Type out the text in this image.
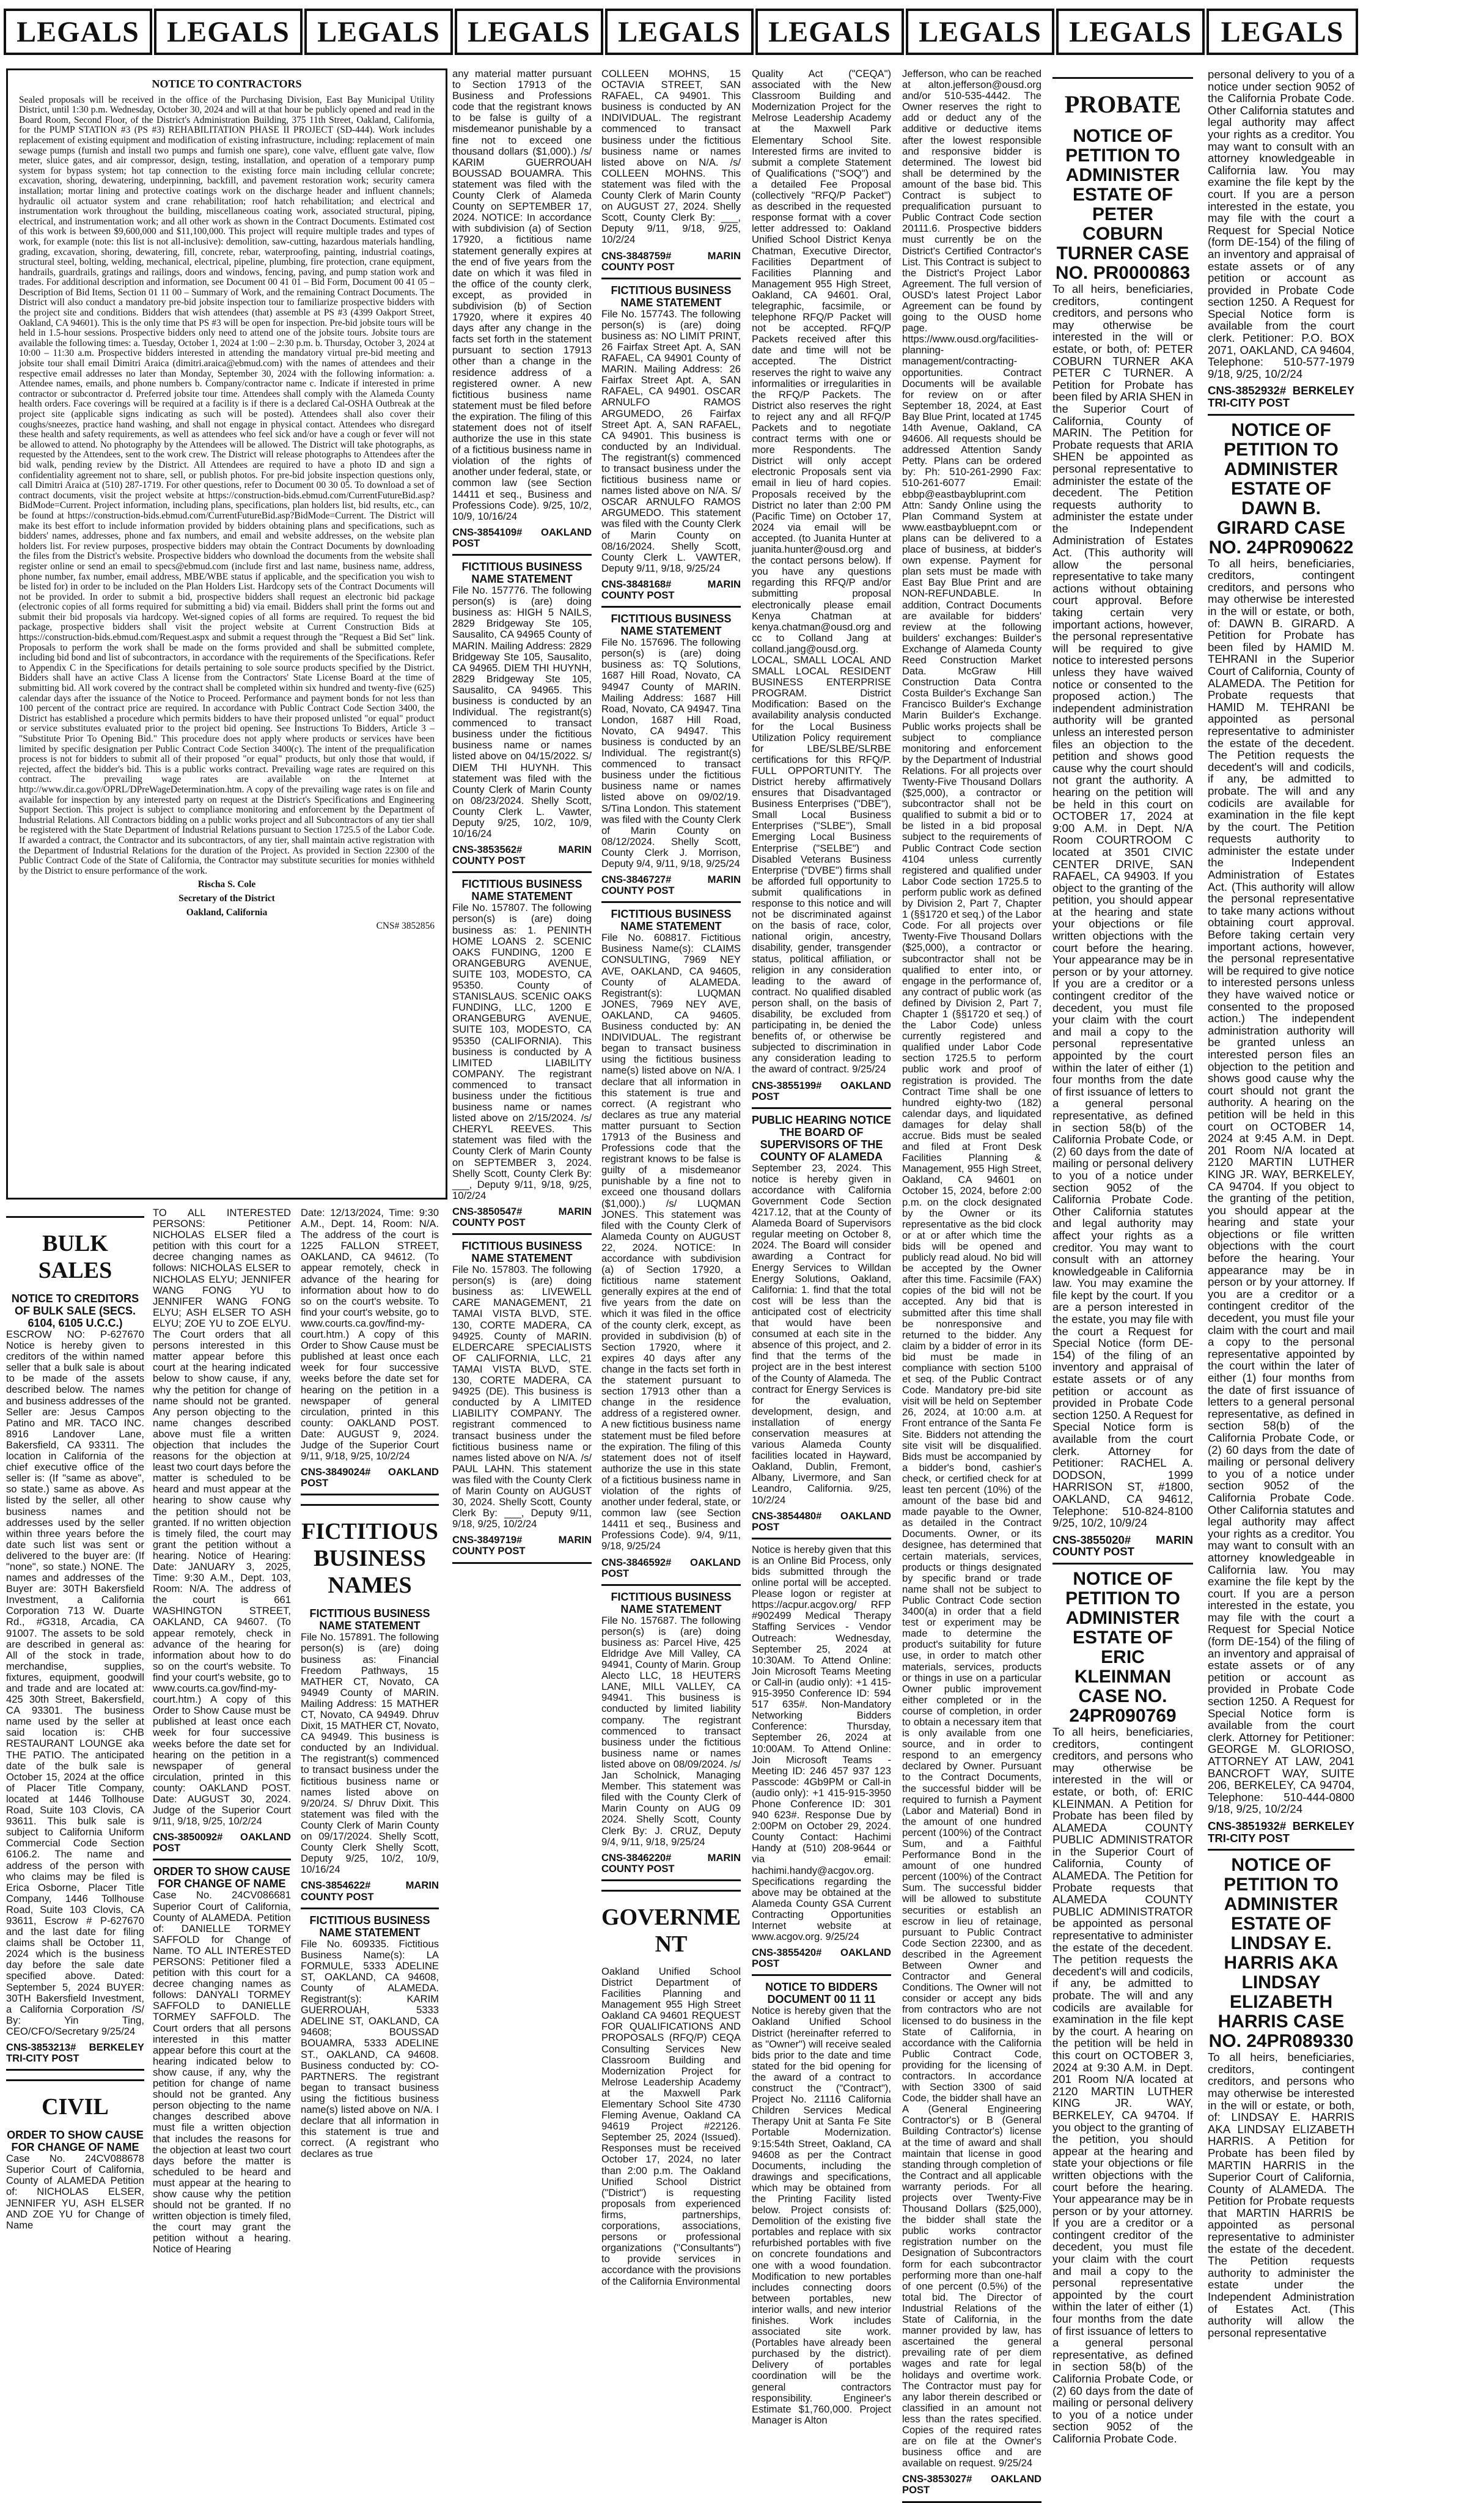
LEGALS LEGALS LEGALS LEGALS LEGALS LEGALS LEGALS LEGALS LEGALS
NOTICE TO CONTRACTORS
Sealed proposals will be received in the office of the Purchasing Division, East Bay Municipal Utility District, until 1:30 p.m. Wednesday, October 30, 2024 and will at that hour be publicly opened and read in the Board Room, Second Floor, of the District's Administration Building, 375 11th Street, Oakland, California, for the PUMP STATION #3 (PS #3) REHABILITATION PHASE II PROJECT (SD-444). Work includes replacement of existing equipment and modification of existing infrastructure, including: replacement of main sewage pumps (furnish and install two pumps and furnish one spare), cone valve, effluent gate valve, flow meter, sluice gates, and air compressor, design, testing, installation, and operation of a temporary pump system for bypass system; hot tap connection to the existing force main including cellular concrete; excavation, shoring, dewatering, underpinning, backfill, and pavement restoration work; security camera installation; mortar lining and protective coatings work on the discharge header and influent channels; hydraulic oil actuator system and crane rehabilitation; roof hatch rehabilitation; and electrical and instrumentation work throughout the building, miscellaneous coating work, associated structural, piping, electrical, and instrumentation work; and all other work as shown in the Contract Documents. Estimated cost of this work is between $9,600,000 and $11,100,000. This project will require multiple trades and types of work, for example (note: this list is not all-inclusive): demolition, saw-cutting, hazardous materials handling, grading, excavation, shoring, dewatering, fill, concrete, rebar, waterproofing, painting, industrial coatings, structural steel, bolting, welding, mechanical, electrical, pipeline, plumbing, fire protection, crane equipment, handrails, guardrails, gratings and railings, doors and windows, fencing, paving, and pump station work and trades. For additional description and information, see Document 00 41 01 – Bid Form, Document 00 41 05 – Description of Bid Items, Section 01 11 00 – Summary of Work, and the remaining Contract Documents. The District will also conduct a mandatory pre-bid jobsite inspection tour to familiarize prospective bidders with the project site and conditions. Bidders that wish attendees (that) assemble at PS #3 (4399 Oakport Street, Oakland, CA 94601). This is the only time that PS #3 will be open for inspection. Pre-bid jobsite tours will be held in 1.5-hour sessions. Prospective bidders only need to attend one of the jobsite tours. Jobsite tours are available the following times: a. Tuesday, October 1, 2024 at 1:00 – 2:30 p.m. b. Thursday, October 3, 2024 at 10:00 – 11:30 a.m. Prospective bidders interested in attending the mandatory virtual pre-bid meeting and jobsite tour shall email Dimitri Araica (dimitri.araica@ebmud.com) with the names of attendees and their respective email addresses no later than Monday, September 30, 2024 with the following information: a. Attendee names, emails, and phone numbers b. Company/contractor name c. Indicate if interested in prime contractor or subcontractor d. Preferred jobsite tour time. Attendees shall comply with the Alameda County health orders. Face coverings will be required at a facility is if there is a declared Cal-OSHA Outbreak at the project site (applicable signs indicating as such will be posted). Attendees shall also cover their coughs/sneezes, practice hand washing, and shall not engage in physical contact. Attendees who disregard these health and safety requirements, as well as attendees who feel sick and/or have a cough or fever will not be allowed to attend. No photography by the Attendees will be allowed. The District will take photographs, as requested by the Attendees, sent to the work crew. The District will release photographs to Attendees after the bid walk, pending review by the District. All Attendees are required to have a photo ID and sign a confidentiality agreement not to share, sell, or publish photos. For pre-bid jobsite inspection questions only, call Dimitri Araica at (510) 287-1719. For other questions, refer to Document 00 30 05. To download a set of contract documents, visit the project website at https://construction-bids.ebmud.com/CurrentFutureBid.asp?BidMode=Current. Project information, including plans, specifications, plan holders list, bid results, etc., can be found at https://construction-bids.ebmud.com/CurrentFutureBid.asp?BidMode=Current. The District will make its best effort to include information provided by bidders obtaining plans and specifications, such as bidders' names, addresses, phone and fax numbers, and email and website addresses, on the website plan holders list. For review purposes, prospective bidders may obtain the Contract Documents by downloading the files from the District's website. Prospective bidders who download the documents from the website shall register online or send an email to specs@ebmud.com (include first and last name, business name, address, phone number, fax number, email address, MBE/WBE status if applicable, and the specification you wish to be listed for) in order to be included on the Plan Holders List. Hardcopy sets of the Contract Documents will not be provided. In order to submit a bid, prospective bidders shall request an electronic bid package (electronic copies of all forms required for submitting a bid) via email. Bidders shall print the forms out and submit their bid proposals via hardcopy. Wet-signed copies of all forms are required. To request the bid package, prospective bidders shall visit the project website at Current Construction Bids at https://construction-bids.ebmud.com/Request.aspx and submit a request through the "Request a Bid Set" link. Proposals to perform the work shall be made on the forms provided and shall be submitted complete, including bid bond and list of subcontractors, in accordance with the requirements of the Specifications. Refer to Appendix C in the Specifications for details pertaining to sole source products specified by the District. Bidders shall have an active Class A license from the Contractors' State License Board at the time of submitting bid. All work covered by the contract shall be completed within six hundred and twenty-five (625) calendar days after the issuance of the Notice to Proceed. Performance and payment bonds for not less than 100 percent of the contract price are required. In accordance with Public Contract Code Section 3400, the District has established a procedure which permits bidders to have their proposed unlisted "or equal" product or service substitutes evaluated prior to the project bid opening. See Instructions To Bidders, Article 3 – "Substitute Prior To Opening Bid." This procedure does not apply where products or services have been limited by specific designation per Public Contract Code Section 3400(c). The intent of the prequalification process is not for bidders to submit all of their proposed "or equal" products, but only those that would, if rejected, affect the bidder's bid. This is a public works contract. Prevailing wage rates are required on this contract. The prevailing wage rates are available on the Internet at http://www.dir.ca.gov/OPRL/DPreWageDetermination.htm. A copy of the prevailing wage rates is on file and available for inspection by any interested party on request at the District's Specifications and Engineering Support Section. This project is subject to compliance monitoring and enforcement by the Department of Industrial Relations. All Contractors bidding on a public works project and all Subcontractors of any tier shall be registered with the State Department of Industrial Relations pursuant to Section 1725.5 of the Labor Code. If awarded a contract, the Contractor and its subcontractors, of any tier, shall maintain active registration with the Department of Industrial Relations for the duration of the Project. As provided in Section 22300 of the Public Contract Code of the State of California, the Contractor may substitute securities for monies withheld by the District to ensure performance of the work.
Rischa S. Cole
Secretary of the District
Oakland, California
CNS# 3852856

BULK SALES

NOTICE TO CREDITORS OF BULK SALE (SECS. 6104, 6105 U.C.C.)

ESCROW NO: P-627670 Notice is hereby given to creditors of the within named seller that a bulk sale is about to be made of the assets described below. The names and business addresses of the Seller are: Jesus Campos Patino and MR. TACO INC. 8916 Landover Lane, Bakersfield, CA 93311. The location in California of the chief executive office of the seller is: (If "same as above", so state.) same as above. As listed by the seller, all other business names and addresses used by the seller within three years before the date such list was sent or delivered to the buyer are: (If "none", so state.) NONE. The names and addresses of the Buyer are: 30TH Bakersfield Investment, a California Corporation 713 W. Duarte Rd., #G318, Arcadia, CA 91007. The assets to be sold are described in general as: All of the stock in trade, merchandise, supplies, fixtures, equipment, goodwill and trade and are located at: 425 30th Street, Bakersfield, CA 93301. The business name used by the seller at said location is: CHB RESTAURANT LOUNGE aka THE PATIO. The anticipated date of the bulk sale is October 15, 2024 at the office of Placer Title Company, located at 1446 Tollhouse Road, Suite 103 Clovis, CA 93611. This bulk sale is subject to California Uniform Commercial Code Section 6106.2. The name and address of the person with who claims may be filed is Erica Osborne, Placer Title Company, 1446 Tollhouse Road, Suite 103 Clovis, CA 93611, Escrow # P-627670 and the last date for filing claims shall be October 11, 2024 which is the business day before the sale date specified above. Dated: September 5, 2024 BUYER: 30TH Bakersfield Investment, a California Corporation /S/ By: Yin Ting, CEO/CFO/Secretary 9/25/24

CNS-3853213# BERKELEY TRI-CITY POST

CIVIL

ORDER TO SHOW CAUSE FOR CHANGE OF NAME

Case No. 24CV088678 Superior Court of California, County of ALAMEDA Petition of: NICHOLAS ELSER, JENNIFER YU, ASH ELSER AND ZOE YU for Change of Name

TO ALL INTERESTED PERSONS: Petitioner NICHOLAS ELSER filed a petition with this court for a decree changing names as follows: NICHOLAS ELSER to NICHOLAS ELYU; JENNIFER WANG FONG YU to JENNIFER WANG FONG ELYU; ASH ELSER TO ASH ELYU; ZOE YU to ZOE ELYU. The Court orders that all persons interested in this matter appear before this court at the hearing indicated below to show cause, if any, why the petition for change of name should not be granted. Any person objecting to the name changes described above must file a written objection that includes the reasons for the objection at least two court days before the matter is scheduled to be heard and must appear at the hearing to show cause why the petition should not be granted. If no written objection is timely filed, the court may grant the petition without a hearing. Notice of Hearing: Date: JANUARY 3, 2025, Time: 9:30 A.M., Dept. 103, Room: N/A. The address of the court is 661 WASHINGTON STREET, OAKLAND, CA 94607. (To appear remotely, check in advance of the hearing for information about how to do so on the court's website. To find your court's website, go to www.courts.ca.gov/find-my-court.htm.) A copy of this Order to Show Cause must be published at least once each week for four successive weeks before the date set for hearing on the petition in a newspaper of general circulation, printed in this county: OAKLAND POST. Date: AUGUST 30, 2024. Judge of the Superior Court 9/11, 9/18, 9/25, 10/2/24

CNS-3850092# OAKLAND POST

ORDER TO SHOW CAUSE FOR CHANGE OF NAME

Case No. 24CV086681 Superior Court of California, County of ALAMEDA. Petition of: DANIELLE TORMEY SAFFOLD for Change of Name. TO ALL INTERESTED PERSONS: Petitioner filed a petition with this court for a decree changing names as follows: DANYALI TORMEY SAFFOLD to DANIELLE TORMEY SAFFOLD. The Court orders that all persons interested in this matter appear before this court at the hearing indicated below to show cause, if any, why the petition for change of name should not be granted. Any person objecting to the name changes described above must file a written objection that includes the reasons for the objection at least two court days before the matter is scheduled to be heard and must appear at the hearing to show cause why the petition should not be granted. If no written objection is timely filed, the court may grant the petition without a hearing. Notice of Hearing

Date: 12/13/2024, Time: 9:30 A.M., Dept. 14, Room: N/A. The address of the court is 1225 FALLON STREET, OAKLAND, CA 94612. (To appear remotely, check in advance of the hearing for information about how to do so on the court's website. To find your court's website, go to www.courts.ca.gov/find-my-court.htm.) A copy of this Order to Show Cause must be published at least once each week for four successive weeks before the date set for hearing on the petition in a newspaper of general circulation, printed in this county: OAKLAND POST. Date: AUGUST 9, 2024. Judge of the Superior Court 9/11, 9/18, 9/25, 10/2/24

CNS-3849024# OAKLAND POST

FICTITIOUS BUSINESS NAMES

FICTITIOUS BUSINESS NAME STATEMENT

File No. 157891. The following person(s) is (are) doing business as: Financial Freedom Pathways, 15 MATHER CT, Novato, CA 94949 County of MARIN. Mailing Address: 15 MATHER CT, Novato, CA 94949. Dhruv Dixit, 15 MATHER CT, Novato, CA 94949. This business is conducted by an Individual. The registrant(s) commenced to transact business under the fictitious business name or names listed above on 9/20/24. S/ Dhruv Dixit. This statement was filed with the County Clerk of Marin County on 09/17/2024. Shelly Scott, County Clerk Shelly Scott, Deputy 9/25, 10/2, 10/9, 10/16/24

CNS-3854622# MARIN COUNTY POST

FICTITIOUS BUSINESS NAME STATEMENT

File No. 609335. Fictitious Business Name(s): LA FORMULE, 5333 ADELINE ST, OAKLAND, CA 94608, County of ALAMEDA. Registrant(s): KARIM GUERROUAH, 5333 ADELINE ST, OAKLAND, CA 94608; BOUSSAD BOUAMRA, 5333 ADELINE ST., OAKLAND, CA 94608. Business conducted by: CO-PARTNERS. The registrant began to transact business using the fictitious business name(s) listed above on N/A. I declare that all information in this statement is true and correct. (A registrant who declares as true

any material matter pursuant to Section 17913 of the Business and Professions code that the registrant knows to be false is guilty of a misdemeanor punishable by a fine not to exceed one thousand dollars ($1,000).) /s/ KARIM GUERROUAH BOUSSAD BOUAMRA. This statement was filed with the County Clerk of Alameda County on SEPTEMBER 17, 2024. NOTICE: In accordance with subdivision (a) of Section 17920, a fictitious name statement generally expires at the end of five years from the date on which it was filed in the office of the county clerk, except, as provided in subdivision (b) of Section 17920, where it expires 40 days after any change in the facts set forth in the statement pursuant to section 17913 other than a change in the residence address of a registered owner. A new fictitious business name statement must be filed before the expiration. The filing of this statement does not of itself authorize the use in this state of a fictitious business name in violation of the rights of another under federal, state, or common law (see Section 14411 et seq., Business and Professions Code). 9/25, 10/2, 10/9, 10/16/24

CNS-3854109# OAKLAND POST

FICTITIOUS BUSINESS NAME STATEMENT

File No. 157776. The following person(s) is (are) doing business as: HIGH 5 NAILS, 2829 Bridgeway Ste 105, Sausalito, CA 94965 County of MARIN. Mailing Address: 2829 Bridgeway Ste 105, Sausalito, CA 94965. DIEM THI HUYNH, 2829 Bridgeway Ste 105, Sausalito, CA 94965. This business is conducted by an Individual. The registrant(s) commenced to transact business under the fictitious business name or names listed above on 04/15/2022. S/ DIEM THI HUYNH. This statement was filed with the County Clerk of Marin County on 08/23/2024. Shelly Scott, County Clerk L. Vawter, Deputy 9/25, 10/2, 10/9, 10/16/24

CNS-3853562# MARIN COUNTY POST

FICTITIOUS BUSINESS NAME STATEMENT

File No. 157807. The following person(s) is (are) doing business as: 1. PENINTH HOME LOANS 2. SCENIC OAKS FUNDING, 1200 E ORANGEBURG AVENUE, SUITE 103, MODESTO, CA 95350. County of STANISLAUS. SCENIC OAKS FUNDING, LLC, 1200 E ORANGEBURG AVENUE, SUITE 103, MODESTO, CA 95350 (CALIFORNIA). This business is conducted by A LIMITED LIABILITY COMPANY. The registrant commenced to transact business under the fictitious business name or names listed above on 2/15/2024. /s/ CHERYL REEVES. This statement was filed with the County Clerk of Marin County on SEPTEMBER 3, 2024. Shelly Scott, County Clerk By: ___, Deputy 9/11, 9/18, 9/25, 10/2/24

CNS-3850547# MARIN COUNTY POST

FICTITIOUS BUSINESS NAME STATEMENT

File No. 157803. The following person(s) is (are) doing business as: LIVEWELL CARE MANAGEMENT, 21 TAMAI VISTA BLVD, STE. 130, CORTE MADERA, CA 94925. County of MARIN. ELDERCARE SPECIALISTS OF CALIFORNIA, LLC, 21 TAMAI VISTA BLVD, STE. 130, CORTE MADERA, CA 94925 (DE). This business is conducted by A LIMITED LIABILITY COMPANY. The registrant commenced to transact business under the fictitious business name or names listed above on N/A. /s/ PAUL LAHN. This statement was filed with the County Clerk of Marin County on AUGUST 30, 2024. Shelly Scott, County Clerk By: ___, Deputy 9/11, 9/18, 9/25, 10/2/24

CNS-3849719# MARIN COUNTY POST

COLLEEN MOHNS, 15 OCTAVIA STREET, SAN RAFAEL, CA 94901. This business is conducted by AN INDIVIDUAL. The registrant commenced to transact business under the fictitious business name or names listed above on N/A. /s/ COLLEEN MOHNS. This statement was filed with the County Clerk of Marin County on AUGUST 27, 2024. Shelly Scott, County Clerk By: ___, Deputy 9/11, 9/18, 9/25, 10/2/24

CNS-3848759# MARIN COUNTY POST

FICTITIOUS BUSINESS NAME STATEMENT

File No. 157743. The following person(s) is (are) doing business as: NO LIMIT PRINT, 26 Fairfax Street Apt. A, SAN RAFAEL, CA 94901 County of MARIN. Mailing Address: 26 Fairfax Street Apt. A, SAN RAFAEL, CA 94901. OSCAR ARNULFO RAMOS ARGUMEDO, 26 Fairfax Street Apt. A, SAN RAFAEL, CA 94901. This business is conducted by an Individual. The registrant(s) commenced to transact business under the fictitious business name or names listed above on N/A. S/ OSCAR ARNULFO RAMOS ARGUMEDO. This statement was filed with the County Clerk of Marin County on 08/16/2024. Shelly Scott, County Clerk L. VAWTER, Deputy 9/11, 9/18, 9/25/24

CNS-3848168# MARIN COUNTY POST

FICTITIOUS BUSINESS NAME STATEMENT

File No. 157696. The following person(s) is (are) doing business as: TQ Solutions, 1687 Hill Road, Novato, CA 94947 County of MARIN. Mailing Address: 1687 Hill Road, Novato, CA 94947. Tina London, 1687 Hill Road, Novato, CA 94947. This business is conducted by an Individual. The registrant(s) commenced to transact business under the fictitious business name or names listed above on 09/02/19. S/Tina London. This statement was filed with the County Clerk of Marin County on 08/12/2024. Shelly Scott, County Clerk J. Morrison, Deputy 9/4, 9/11, 9/18, 9/25/24

CNS-3846727# MARIN COUNTY POST

FICTITIOUS BUSINESS NAME STATEMENT

File No. 608817. Fictitious Business Name(s): CLAIMS CONSULTING, 7969 NEY AVE, OAKLAND, CA 94605, County of ALAMEDA. Registrant(s): LUQMAN JONES, 7969 NEY AVE, OAKLAND, CA 94605. Business conducted by: AN INDIVIDUAL. The registrant began to transact business using the fictitious business name(s) listed above on N/A. I declare that all information in this statement is true and correct. (A registrant who declares as true any material matter pursuant to Section 17913 of the Business and Professions code that the registrant knows to be false is guilty of a misdemeanor punishable by a fine not to exceed one thousand dollars ($1,000).) /s/ LUQMAN JONES. This statement was filed with the County Clerk of Alameda County on AUGUST 22, 2024. NOTICE: In accordance with subdivision (a) of Section 17920, a fictitious name statement generally expires at the end of five years from the date on which it was filed in the office of the county clerk, except, as provided in subdivision (b) of Section 17920, where it expires 40 days after any change in the facts set forth in the statement pursuant to section 17913 other than a change in the residence address of a registered owner. A new fictitious business name statement must be filed before the expiration. The filing of this statement does not of itself authorize the use in this state of a fictitious business name in violation of the rights of another under federal, state, or common law (see Section 14411 et seq., Business and Professions Code). 9/4, 9/11, 9/18, 9/25/24

CNS-3846592# OAKLAND POST

FICTITIOUS BUSINESS NAME STATEMENT

File No. 157687. The following person(s) is (are) doing business as: Parcel Hive, 425 Eldridge Ave Mill Valley, CA 94941, County of Marin. Group Alecto LLC, 18 HEUTERS LANE, MILL VALLEY, CA 94941. This business is conducted by limited liability company. The registrant commenced to transact business under the fictitious business name or names listed above on 08/09/2024. /s/ Jan Scholnick, Managing Member. This statement was filed with the County Clerk of Marin County on AUG 09 2024. Shelly Scott, County Clerk By: J. CRUZ, Deputy 9/4, 9/11, 9/18, 9/25/24

CNS-3846220# MARIN COUNTY POST

GOVERNMENT

Oakland Unified School District Department of Facilities Planning and Management 955 High Street Oakland CA 94601 REQUEST FOR QUALIFICATIONS AND PROPOSALS (RFQ/P) CEQA Consulting Services New Classroom Building and Modernization Project for Melrose Leadership Academy at the Maxwell Park Elementary School Site 4730 Fleming Avenue, Oakland CA 94619 Project #22126. September 25, 2024 (Issued). Responses must be received October 17, 2024, no later than 2:00 p.m. The Oakland Unified School District ("District") is requesting proposals from experienced firms, partnerships, corporations, associations, persons or professional organizations ("Consultants") to provide services in accordance with the provisions of the California Environmental

Quality Act ("CEQA") associated with the New Classroom Building and Modernization Project for the Melrose Leadership Academy at the Maxwell Park Elementary School Site. Interested firms are invited to submit a complete Statement of Qualifications ("SOQ") and a detailed Fee Proposal (collectively "RFQ/P Packet") as described in the requested response format with a cover letter addressed to: Oakland Unified School District Kenya Chatman, Executive Director, Facilities Department of Facilities Planning and Management 955 High Street, Oakland, CA 94601. Oral, telegraphic, facsimile, or telephone RFQ/P Packet will not be accepted. RFQ/P Packets received after this date and time will not be accepted. The District reserves the right to waive any informalities or irregularities in the RFQ/P Packets. The District also reserves the right to reject any and all RFQ/P Packets and to negotiate contract terms with one or more Respondents. The District will only accept electronic Proposals sent via email in lieu of hard copies. Proposals received by the District no later than 2:00 PM (Pacific Time) on October 17, 2024 via email will be accepted. (to Juanita Hunter at juanita.hunter@ousd.org and the contact persons below). If you have any questions regarding this RFQ/P and/or submitting proposal electronically please email Kenya Chatman at kenya.chatman@ousd.org and cc to Colland Jang at colland.jang@ousd.org. LOCAL, SMALL LOCAL AND SMALL LOCAL RESIDENT BUSINESS ENTERPRISE PROGRAM. District Modification: Based on the availability analysis conducted for the Local Business Utilization Policy requirement for LBE/SLBE/SLRBE certifications for this RFQ/P. FULL OPPORTUNITY. The District hereby affirmatively ensures that Disadvantaged Business Enterprises ("DBE"), Small Local Business Enterprises ("SLBE"), Small Emerging Local Business Enterprise ("SELBE") and Disabled Veterans Business Enterprise ("DVBE") firms shall be afforded full opportunity to submit qualifications in response to this notice and will not be discriminated against on the basis of race, color, national origin, ancestry, disability, gender, transgender status, political affiliation, or religion in any consideration leading to the award of contract. No qualified disabled person shall, on the basis of disability, be excluded from participating in, be denied the benefits of, or otherwise be subjected to discrimination in any consideration leading to the award of contract. 9/25/24

CNS-3855199# OAKLAND POST

PUBLIC HEARING NOTICE THE BOARD OF SUPERVISORS OF THE COUNTY OF ALAMEDA

September 23, 2024. This notice is hereby given in accordance with California Government Code Section 4217.12, that at the County of Alameda Board of Supervisors regular meeting on October 8, 2024. The Board will consider awarding a Contract for Energy Services to Willdan Energy Solutions, Oakland, California: 1. find that the total cost will be less than the anticipated cost of electricity that would have been consumed at each site in the absence of this project, and 2. find that the terms of the project are in the best interest of the County of Alameda. The contract for Energy Services is for the evaluation, development, design, and installation of energy conservation measures at various Alameda County facilities located in Hayward, Oakland, Dublin, Fremont, Albany, Livermore, and San Leandro, California. 9/25, 10/2/24

CNS-3854480# OAKLAND POST

Notice is hereby given that this is an Online Bid Process, only bids submitted through the online portal will be accepted. Please logon or register at https://acpur.acgov.org/ RFP #902499 Medical Therapy Staffing Services - Vendor Outreach: Wednesday, September 25, 2024 at 10:30AM. To Attend Online: Join Microsoft Teams Meeting or Call-in (audio only): +1 415-915-3950 Conference ID: 594 517 635#. Non-Mandatory Networking Bidders Conference: Thursday, September 26, 2024 at 10:00AM. To Attend Online: Join Microsoft Teams - Meeting ID: 246 457 937 123 Passcode: 4Gb9PM or Call-in (audio only): +1 415-915-3950 Phone Conference ID: 301 940 623#. Response Due by 2:00PM on October 29, 2024. County Contact: Hachimi Handy at (510) 208-9644 or via email: hachimi.handy@acgov.org. Specifications regarding the above may be obtained at the Alameda County GSA Current Contracting Opportunities Internet website at www.acgov.org. 9/25/24

CNS-3855420# OAKLAND POST

NOTICE TO BIDDERS DOCUMENT 00 11 11

Notice is hereby given that the Oakland Unified School District (hereinafter referred to as "Owner") will receive sealed bids prior to the date and time stated for the bid opening for the award of a contract to construct the ("Contract"), Project No. 21116 California Children Services Medical Therapy Unit at Santa Fe Site Portable Modernization. 9:15:54th Street, Oakland, CA 94608 as per the Contract Documents, including the drawings and specifications, which may be obtained from the Printing Facility listed below. Project consists of: Demolition of the existing five portables and replace with six refurbished portables with five on concrete foundations and one with a wood foundation. Modification to new portables includes connecting doors between portables, new interior walls, and new interior finishes. Work includes associated site work. (Portables have already been purchased by the district). Delivery of portables coordination will be the general contractors responsibility. Engineer's Estimate $1,760,000. Project Manager is Alton

Jefferson, who can be reached at alton.jefferson@ousd.org and/or 510-535-4442. The Owner reserves the right to add or deduct any of the additive or deductive items after the lowest responsible and responsive bidder is determined. The lowest bid shall be determined by the amount of the base bid. This Contract is subject to prequalification pursuant to Public Contract Code section 20111.6. Prospective bidders must currently be on the District's Certified Contractor's List. This Contract is subject to the District's Project Labor Agreement. The full version of OUSD's latest Project Labor Agreement can be found by going to the OUSD home page. https://www.ousd.org/facilities-planning-management/contracting-opportunities. Contract Documents will be available for review on or after September 18, 2024, at East Bay Blue Print, located at 1745 14th Avenue, Oakland, CA 94606. All requests should be addressed Attention Sandy Petty. Plans can be ordered by: Ph: 510-261-2990 Fax: 510-261-6077 Email: ebbp@eastbaybluprint.com Attn: Sandy Online using the Plan Command System at www.eastbaybluepnt.com or plans can be delivered to a place of business, at bidder's own expense. Payment for plan sets must be made with East Bay Blue Print and are NON-REFUNDABLE. In addition, Contract Documents are available for bidders' review at the following builders' exchanges: Builder's Exchange of Alameda County Reed Construction Market Data. McGraw Hill Construction Data Contra Costa Builder's Exchange San Francisco Builder's Exchange Marin Builder's Exchange. Public works projects shall be subject to compliance monitoring and enforcement by the Department of Industrial Relations. For all projects over Twenty-Five Thousand Dollars ($25,000), a contractor or subcontractor shall not be qualified to submit a bid or to be listed in a bid proposal subject to the requirements of Public Contract Code section 4104 unless currently registered and qualified under Labor Code section 1725.5 to perform public work as defined by Division 2, Part 7, Chapter 1 (§§1720 et seq.) of the Labor Code. For all projects over Twenty-Five Thousand Dollars ($25,000), a contractor or subcontractor shall not be qualified to enter into, or engage in the performance of, any contract of public work (as defined by Division 2, Part 7, Chapter 1 (§§1720 et seq.) of the Labor Code) unless currently registered and qualified under Labor Code section 1725.5 to perform public work and proof of registration is provided. The Contract Time shall be one hundred eighty-two (182) calendar days, and liquidated damages for delay shall accrue. Bids must be sealed and filed at Front Desk Facilities Planning & Management, 955 High Street, Oakland, CA 94601 on October 15, 2024, before 2:00 p.m. on the clock designated by the Owner or its representative as the bid clock or at or after which time the bids will be opened and publicly read aloud. No bid will be accepted by the Owner after this time. Facsimile (FAX) copies of the bid will not be accepted. Any bid that is submitted after this time shall be nonresponsive and returned to the bidder. Any claim by a bidder of error in its bid must be made in compliance with section 5100 et seq. of the Public Contract Code. Mandatory pre-bid site visit will be held on September 26, 2024, at 10:00 a.m. at Front entrance of the Santa Fe Site. Bidders not attending the site visit will be disqualified. Bids must be accompanied by a bidder's bond, cashier's check, or certified check for at least ten percent (10%) of the amount of the base bid and made payable to the Owner, as detailed in the Contract Documents. Owner, or its designee, has determined that certain materials, services, products or things designated by specific brand or trade name shall not be subject to Public Contract Code section 3400(a) in order that a field test or experiment may be made to determine the product's suitability for future use, in order to match other materials, services, products or things in use on a particular Owner public improvement either completed or in the course of completion, in order to obtain a necessary item that is only available from one source, and in order to respond to an emergency declared by Owner. Pursuant to the Contract Documents, the successful bidder will be required to furnish a Payment (Labor and Material) Bond in the amount of one hundred percent (100%) of the Contract Sum, and a Faithful Performance Bond in the amount of one hundred percent (100%) of the Contract Sum. The successful bidder will be allowed to substitute securities or establish an escrow in lieu of retainage, pursuant to Public Contract Code Section 22300, and as described in the Agreement Between Owner and Contractor and General Conditions. The Owner will not consider or accept any bids from contractors who are not licensed to do business in the State of California, in accordance with the California Public Contract Code, providing for the licensing of contractors. In accordance with Section 3300 of said Code, the bidder shall have an A (General Engineering Contractor's) or B (General Building Contractor's) license at the time of award and shall maintain that license in good standing through completion of the Contract and all applicable warranty periods. For all projects over Twenty-Five Thousand Dollars ($25,000), the bidder shall state the public works contractor registration number on the Designation of Subcontractors form for each subcontractor performing more than one-half of one percent (0.5%) of the total bid. The Director of Industrial Relations of the State of California, in the manner provided by law, has ascertained the general prevailing rate of per diem wages and rate for legal holidays and overtime work. The Contractor must pay for any labor therein described or classified in an amount not less than the rates specified. Copies of the required rates are on file at the Owner's business office and are available on request. 9/25/24

CNS-3853027# OAKLAND POST

PROBATE

NOTICE OF PETITION TO ADMINISTER ESTATE OF PETER COBURN TURNER CASE NO. PR0000863

To all heirs, beneficiaries, creditors, contingent creditors, and persons who may otherwise be interested in the will or estate, or both, of: PETER COBURN TURNER AKA PETER C TURNER. A Petition for Probate has been filed by ARIA SHEN in the Superior Court of California, County of MARIN. The Petition for Probate requests that ARIA SHEN be appointed as personal representative to administer the estate of the decedent. The Petition requests authority to administer the estate under the Independent Administration of Estates Act. (This authority will allow the personal representative to take many actions without obtaining court approval. Before taking certain very important actions, however, the personal representative will be required to give notice to interested persons unless they have waived notice or consented to the proposed action.) The independent administration authority will be granted unless an interested person files an objection to the petition and shows good cause why the court should not grant the authority. A hearing on the petition will be held in this court on OCTOBER 17, 2024 at 9:00 A.M. in Dept. N/A Room COURTROOM C located at 3501 CIVIC CENTER DRIVE, SAN RAFAEL, CA 94903. If you object to the granting of the petition, you should appear at the hearing and state your objections or file written objections with the court before the hearing. Your appearance may be in person or by your attorney. If you are a creditor or a contingent creditor of the decedent, you must file your claim with the court and mail a copy to the personal representative appointed by the court within the later of either (1) four months from the date of first issuance of letters to a general personal representative, as defined in section 58(b) of the California Probate Code, or (2) 60 days from the date of mailing or personal delivery to you of a notice under section 9052 of the California Probate Code. Other California statutes and legal authority may affect your rights as a creditor. You may want to consult with an attorney knowledgeable in California law. You may examine the file kept by the court. If you are a person interested in the estate, you may file with the court a Request for Special Notice (form DE-154) of the filing of an inventory and appraisal of estate assets or of any petition or account as provided in Probate Code section 1250. A Request for Special Notice form is available from the court clerk. Attorney for Petitioner: RACHEL A. DODSON, 1999 HARRISON ST, #1800, OAKLAND, CA 94612, Telephone: 510-824-8100 9/25, 10/2, 10/9/24

CNS-3855020# MARIN COUNTY POST

NOTICE OF PETITION TO ADMINISTER ESTATE OF ERIC KLEINMAN CASE NO. 24PR090769

To all heirs, beneficiaries, creditors, contingent creditors, and persons who may otherwise be interested in the will or estate, or both, of: ERIC KLEINMAN. A Petition for Probate has been filed by ALAMEDA COUNTY PUBLIC ADMINISTRATOR in the Superior Court of California, County of ALAMEDA. The Petition for Probate requests that ALAMEDA COUNTY PUBLIC ADMINISTRATOR be appointed as personal representative to administer the estate of the decedent. The petition requests the decedent's will and codicils, if any, be admitted to probate. The will and any codicils are available for examination in the file kept by the court. A hearing on the petition will be held in this court on OCTOBER 3, 2024 at 9:30 A.M. in Dept. 201 Room N/A located at 2120 MARTIN LUTHER KING JR. WAY, BERKELEY, CA 94704. If you object to the granting of the petition, you should appear at the hearing and state your objections or file written objections with the court before the hearing. Your appearance may be in person or by your attorney. If you are a creditor or a contingent creditor of the decedent, you must file your claim with the court and mail a copy to the personal representative appointed by the court within the later of either (1) four months from the date of first issuance of letters to a general personal representative, as defined in section 58(b) of the California Probate Code, or (2) 60 days from the date of mailing or personal delivery to you of a notice under section 9052 of the California Probate Code.

personal delivery to you of a notice under section 9052 of the California Probate Code. Other California statutes and legal authority may affect your rights as a creditor. You may want to consult with an attorney knowledgeable in California law. You may examine the file kept by the court. If you are a person interested in the estate, you may file with the court a Request for Special Notice (form DE-154) of the filing of an inventory and appraisal of estate assets or of any petition or account as provided in Probate Code section 1250. A Request for Special Notice form is available from the court clerk. Petitioner: P.O. BOX 2071, OAKLAND, CA 94604, Telephone: 510-577-1979 9/18, 9/25, 10/2/24

CNS-3852932# BERKELEY TRI-CITY POST

NOTICE OF PETITION TO ADMINISTER ESTATE OF DAWN B. GIRARD CASE NO. 24PR090622

To all heirs, beneficiaries, creditors, contingent creditors, and persons who may otherwise be interested in the will or estate, or both, of: DAWN B. GIRARD. A Petition for Probate has been filed by HAMID M. TEHRANI in the Superior Court of California, County of ALAMEDA. The Petition for Probate requests that HAMID M. TEHRANI be appointed as personal representative to administer the estate of the decedent. The Petition requests the decedent's will and codicils, if any, be admitted to probate. The will and any codicils are available for examination in the file kept by the court. The Petition requests authority to administer the estate under the Independent Administration of Estates Act. (This authority will allow the personal representative to take many actions without obtaining court approval. Before taking certain very important actions, however, the personal representative will be required to give notice to interested persons unless they have waived notice or consented to the proposed action.) The independent administration authority will be granted unless an interested person files an objection to the petition and shows good cause why the court should not grant the authority. A hearing on the petition will be held in this court on OCTOBER 14, 2024 at 9:45 A.M. in Dept. 201 Room N/A located at 2120 MARTIN LUTHER KING JR. WAY, BERKELEY, CA 94704. If you object to the granting of the petition, you should appear at the hearing and state your objections or file written objections with the court before the hearing. Your appearance may be in person or by your attorney. If you are a creditor or a contingent creditor of the decedent, you must file your claim with the court and mail a copy to the personal representative appointed by the court within the later of either (1) four months from the date of first issuance of letters to a general personal representative, as defined in section 58(b) of the California Probate Code, or (2) 60 days from the date of mailing or personal delivery to you of a notice under section 9052 of the California Probate Code. Other California statutes and legal authority may affect your rights as a creditor. You may want to consult with an attorney knowledgeable in California law. You may examine the file kept by the court. If you are a person interested in the estate, you may file with the court a Request for Special Notice (form DE-154) of the filing of an inventory and appraisal of estate assets or of any petition or account as provided in Probate Code section 1250. A Request for Special Notice form is available from the court clerk. Attorney for Petitioner: GEORGE M. GLORIOSO, ATTORNEY AT LAW, 2041 BANCROFT WAY, SUITE 206, BERKELEY, CA 94704, Telephone: 510-444-0800 9/18, 9/25, 10/2/24

CNS-3851932# BERKELEY TRI-CITY POST

NOTICE OF PETITION TO ADMINISTER ESTATE OF LINDSAY E. HARRIS AKA LINDSAY ELIZABETH HARRIS CASE NO. 24PR089330

To all heirs, beneficiaries, creditors, contingent creditors, and persons who may otherwise be interested in the will or estate, or both, of: LINDSAY E. HARRIS AKA LINDSAY ELIZABETH HARRIS. A Petition for Probate has been filed by MARTIN HARRIS in the Superior Court of California, County of ALAMEDA. The Petition for Probate requests that MARTIN HARRIS be appointed as personal representative to administer the estate of the decedent. The Petition requests authority to administer the estate under the Independent Administration of Estates Act. (This authority will allow the personal representative
